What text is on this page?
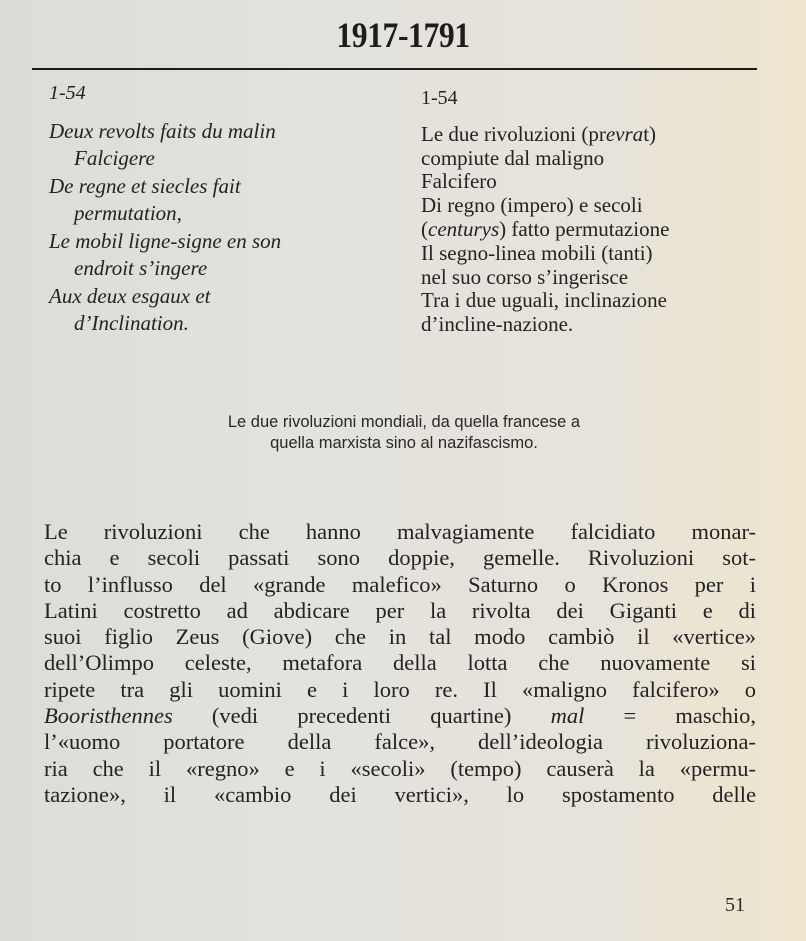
1917-1791
1-54
Deux revolts faits du malin
Falcigere
De regne et siecles fait
permutation,
Le mobil ligne-signe en son
endroit s’ingere
Aux deux esgaux et
d’Inclination.
1-54
Le due rivoluzioni (prevrat)
compiute dal maligno
Falcifero
Di regno (impero) e secoli
(centurys) fatto permutazione
Il segno-linea mobili (tanti)
nel suo corso s’ingerisce
Tra i due uguali, inclinazione
d’incline-nazione.
Le due rivoluzioni mondiali, da quella francese a
quella marxista sino al nazifascismo.
Le rivoluzioni che hanno malvagiamente falcidiato monar-
chia e secoli passati sono doppie, gemelle. Rivoluzioni sot-
to l’influsso del «grande malefico» Saturno o Kronos per i
Latini costretto ad abdicare per la rivolta dei Giganti e di
suoi figlio Zeus (Giove) che in tal modo cambiò il «vertice»
dell’Olimpo celeste, metafora della lotta che nuovamente si
ripete tra gli uomini e i loro re. Il «maligno falcifero» o
Booristhennes (vedi precedenti quartine) mal = maschio,
l’«uomo portatore della falce», dell’ideologia rivoluziona-
ria che il «regno» e i «secoli» (tempo) causerà la «permu-
tazione», il «cambio dei vertici», lo spostamento delle
51
